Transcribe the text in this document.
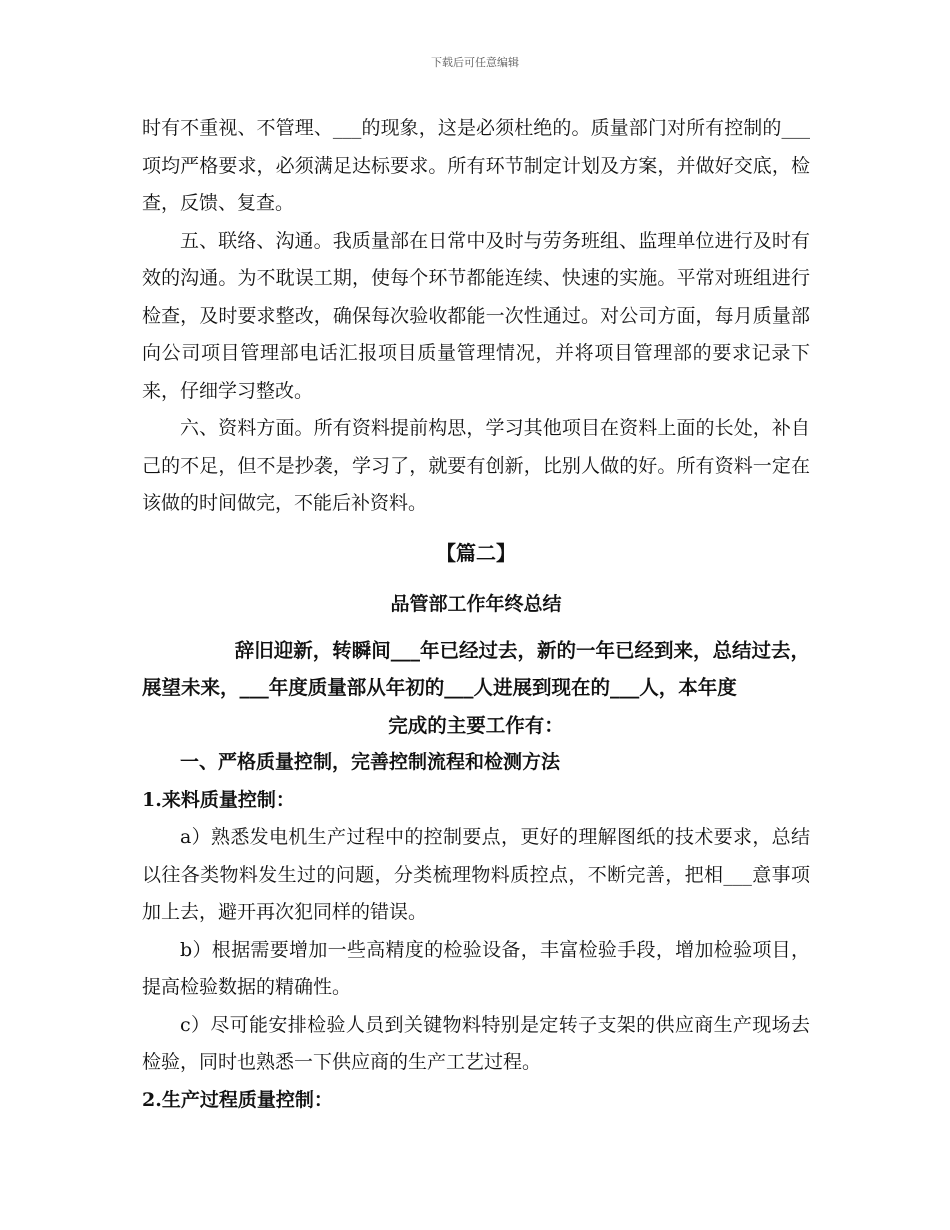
下载后可任意编辑

时有不重视、不管理、___的现象，这是必须杜绝的。质量部门对所有控制的___项均严格要求，必须满足达标要求。所有环节制定计划及方案，并做好交底，检查，反馈、复查。

五、联络、沟通。我质量部在日常中及时与劳务班组、监理单位进行及时有效的沟通。为不耽误工期，使每个环节都能连续、快速的实施。平常对班组进行检查，及时要求整改，确保每次验收都能一次性通过。对公司方面，每月质量部向公司项目管理部电话汇报项目质量管理情况，并将项目管理部的要求记录下来，仔细学习整改。

六、资料方面。所有资料提前构思，学习其他项目在资料上面的长处，补自己的不足，但不是抄袭，学习了，就要有创新，比别人做的好。所有资料一定在该做的时间做完，不能后补资料。

【篇二】
品管部工作年终总结

辞旧迎新，转瞬间___年已经过去，新的一年已经到来，总结过去，

展望未来，___年度质量部从年初的___人进展到现在的___人，本年度

完成的主要工作有：

一、严格质量控制，完善控制流程和检测方法

1.来料质量控制：

a）熟悉发电机生产过程中的控制要点，更好的理解图纸的技术要求，总结以往各类物料发生过的问题，分类梳理物料质控点，不断完善，把相___意事项加上去，避开再次犯同样的错误。

b）根据需要增加一些高精度的检验设备，丰富检验手段，增加检验项目，提高检验数据的精确性。

c）尽可能安排检验人员到关键物料特别是定转子支架的供应商生产现场去检验，同时也熟悉一下供应商的生产工艺过程。

2.生产过程质量控制：
